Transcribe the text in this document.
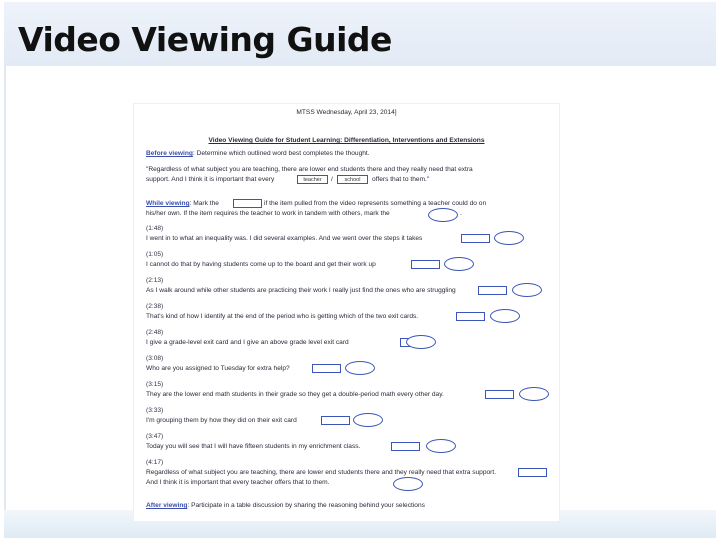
Video Viewing Guide
MTSS Wednesday, April 23, 2014]
Video Viewing Guide for Student Learning: Differentiation, Interventions and Extensions
Before viewing: Determine which outlined word best completes the thought.
"Regardless of what subject you are teaching, there are lower end students there and they really need that extra
support. And I think it is important that every	teacher	/	school	offers that to them."
While viewing: Mark the	if the item pulled from the video represents something a teacher could do on
his/her own. If the item requires the teacher to work in tandem with others, mark the	.
(1:48)
I went in to what an inequality was. I did several examples. And we went over the steps it takes
(1:05)
I cannot do that by having students come up to the board and get their work up
(2:13)
As I walk around while other students are practicing their work I really just find the ones who are struggling
(2:38)
That's kind of how I identify at the end of the period who is getting which of the two exit cards.
(2:48)
I give a grade-level exit card and I give an above grade level exit card
(3:08)
Who are you assigned to Tuesday for extra help?
(3:15)
They are the lower end math students in their grade so they get a double-period math every other day.
(3:33)
I'm grouping them by how they did on their exit card
(3:47)
Today you will see that I will have fifteen students in my enrichment class.
(4:17)
Regardless of what subject you are teaching, there are lower end students there and they really need that extra support.
And I think it is important that every teacher offers that to them.
After viewing: Participate in a table discussion by sharing the reasoning behind your selections
